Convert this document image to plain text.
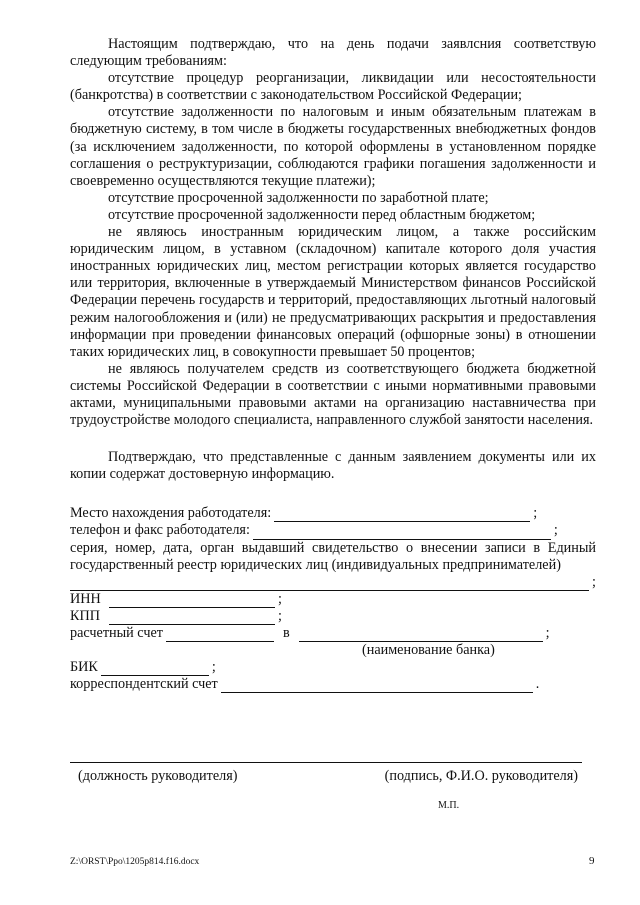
Настоящим подтверждаю, что на день подачи заявлсния соответствую следующим требованиям:

отсутствие процедур реорганизации, ликвидации или несостоятельности (банкротства) в соответствии с законодательством Российской Федерации;

отсутствие задолженности по налоговым и иным обязательным платежам в бюджетную систему, в том числе в бюджеты государственных внебюджетных фондов (за исключением задолженности, по которой оформлены в установленном порядке соглашения о реструктуризации, соблюдаются графики погашения задолженности и своевременно осуществляются текущие платежи);

отсутствие просроченной задолженности по заработной плате;

отсутствие просроченной задолженности перед областным бюджетом;

не являюсь иностранным юридическим лицом, а также российским юридическим лицом, в уставном (складочном) капитале которого доля участия иностранных юридических лиц, местом регистрации которых является государство или территория, включенные в утверждаемый Министерством финансов Российской Федерации перечень государств и территорий, предоставляющих льготный налоговый режим налогообложения и (или) не предусматривающих раскрытия и предоставления информации при проведении финансовых операций (офшорные зоны) в отношении таких юридических лиц, в совокупности превышает 50 процентов;

не являюсь получателем средств из соответствующего бюджета бюджетной системы Российской Федерации в соответствии с иными нормативными правовыми актами, муниципальными правовыми актами на организацию наставничества при трудоустройстве молодого специалиста, направленного службой занятости населения.

Подтверждаю, что представленные с данным заявлением документы или их копии содержат достоверную информацию.

Место нахождения работодателя:	;
телефон и факс работодателя:	;

серия, номер, дата, орган выдавший свидетельство о внесении записи в Единый государственный реестр юридических лиц (индивидуальных предпринимателей)

;
ИНН	;
КПП	;
расчетный счет	в	;
(наименование банка)
БИК	;
корреспондентский счет	.
(должность руководителя)	(подпись, Ф.И.О. руководителя)
М.П.
Z:\ORST\Ppo\1205p814.f16.docx	9
